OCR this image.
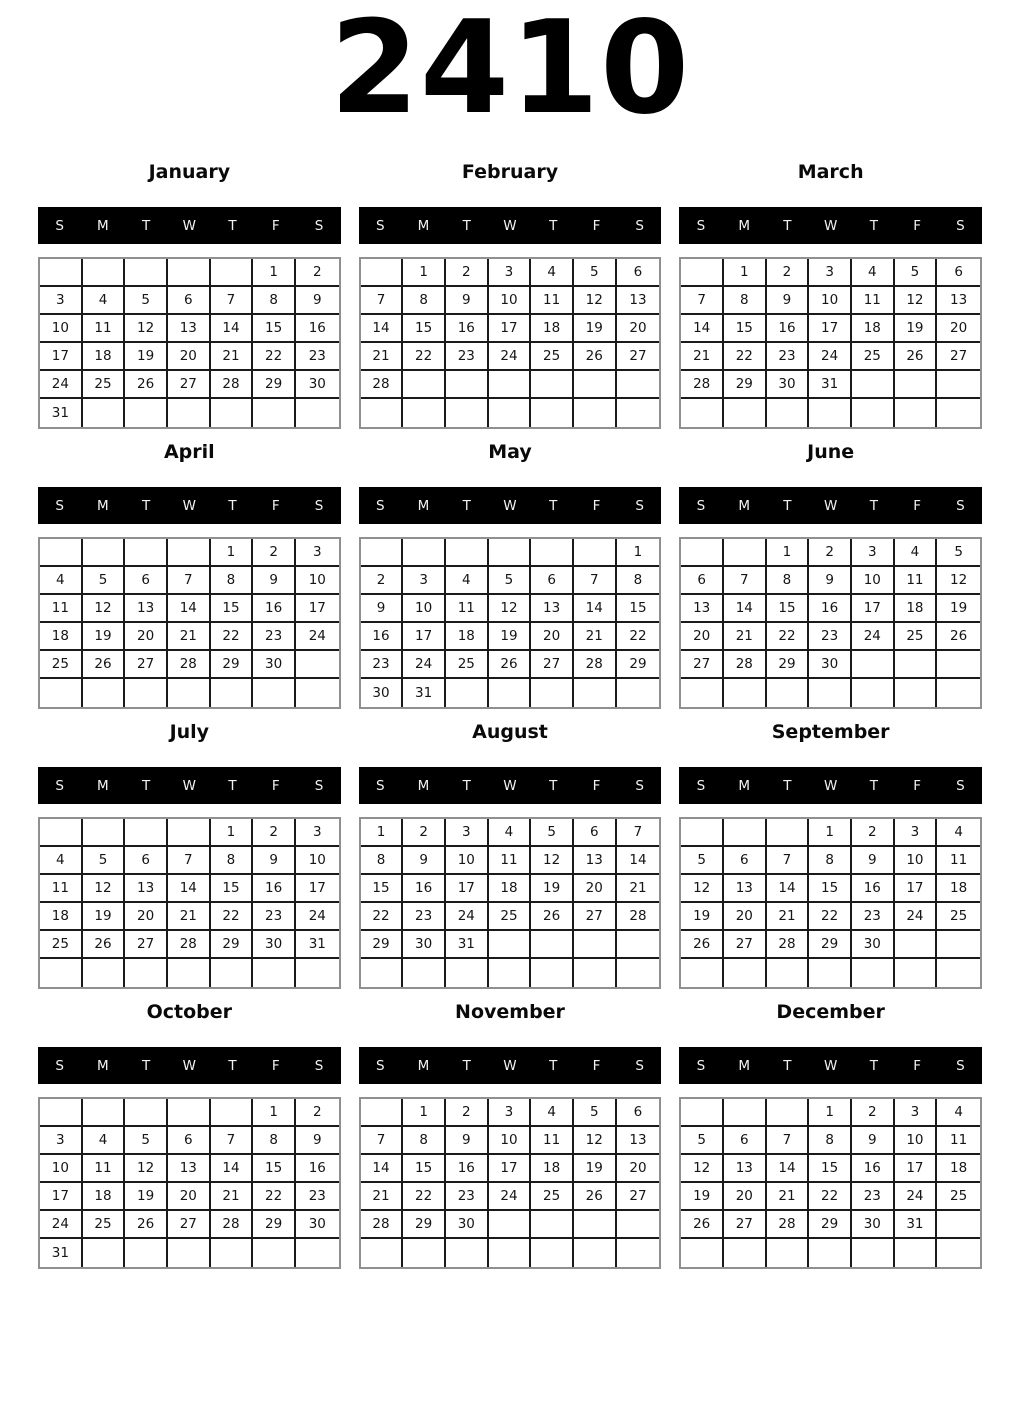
2410
January
S	M	T	W	T	F	S
					1	2
3	4	5	6	7	8	9
10	11	12	13	14	15	16
17	18	19	20	21	22	23
24	25	26	27	28	29	30
31						
February
S	M	T	W	T	F	S
	1	2	3	4	5	6
7	8	9	10	11	12	13
14	15	16	17	18	19	20
21	22	23	24	25	26	27
28						

March
S	M	T	W	T	F	S
	1	2	3	4	5	6
7	8	9	10	11	12	13
14	15	16	17	18	19	20
21	22	23	24	25	26	27
28	29	30	31			

April
S	M	T	W	T	F	S
				1	2	3
4	5	6	7	8	9	10
11	12	13	14	15	16	17
18	19	20	21	22	23	24
25	26	27	28	29	30	

May
S	M	T	W	T	F	S
						1
2	3	4	5	6	7	8
9	10	11	12	13	14	15
16	17	18	19	20	21	22
23	24	25	26	27	28	29
30	31					
June
S	M	T	W	T	F	S
		1	2	3	4	5
6	7	8	9	10	11	12
13	14	15	16	17	18	19
20	21	22	23	24	25	26
27	28	29	30			

July
S	M	T	W	T	F	S
				1	2	3
4	5	6	7	8	9	10
11	12	13	14	15	16	17
18	19	20	21	22	23	24
25	26	27	28	29	30	31

August
S	M	T	W	T	F	S
1	2	3	4	5	6	7
8	9	10	11	12	13	14
15	16	17	18	19	20	21
22	23	24	25	26	27	28
29	30	31				

September
S	M	T	W	T	F	S
			1	2	3	4
5	6	7	8	9	10	11
12	13	14	15	16	17	18
19	20	21	22	23	24	25
26	27	28	29	30		

October
S	M	T	W	T	F	S
					1	2
3	4	5	6	7	8	9
10	11	12	13	14	15	16
17	18	19	20	21	22	23
24	25	26	27	28	29	30
31						
November
S	M	T	W	T	F	S
	1	2	3	4	5	6
7	8	9	10	11	12	13
14	15	16	17	18	19	20
21	22	23	24	25	26	27
28	29	30				

December
S	M	T	W	T	F	S
			1	2	3	4
5	6	7	8	9	10	11
12	13	14	15	16	17	18
19	20	21	22	23	24	25
26	27	28	29	30	31	
